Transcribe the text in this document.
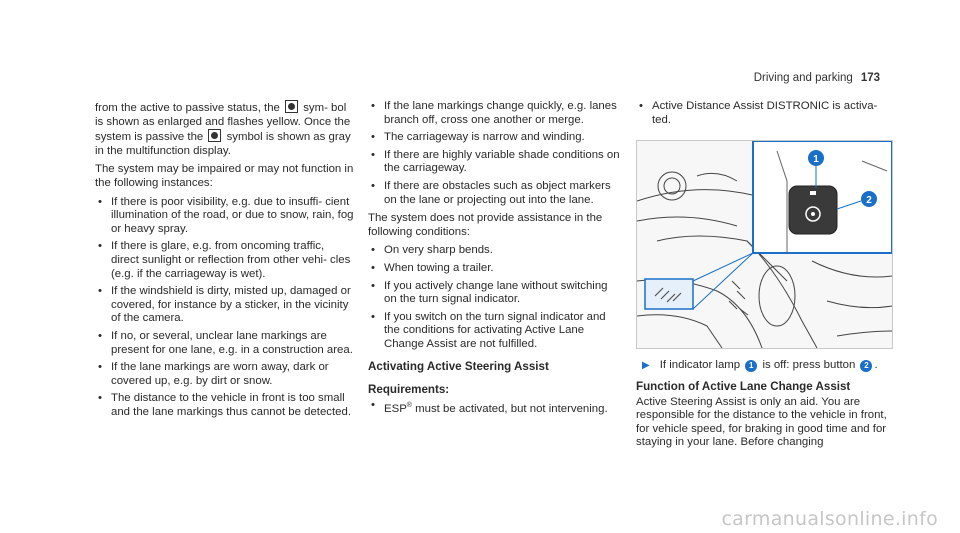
Driving and parking 173

from the active to passive status, the  sym- bol is shown as enlarged and flashes yellow. Once the system is passive the  symbol is shown as gray in the multifunction display.

The system may be impaired or may not function in the following instances:

• If there is poor visibility, e.g. due to insuffi- cient illumination of the road, or due to snow, rain, fog or heavy spray.
• If there is glare, e.g. from oncoming traffic, direct sunlight or reflection from other vehi- cles (e.g. if the carriageway is wet).
• If the windshield is dirty, misted up, damaged or covered, for instance by a sticker, in the vicinity of the camera.
• If no, or several, unclear lane markings are present for one lane, e.g. in a construction area.
• If the lane markings are worn away, dark or covered up, e.g. by dirt or snow.
• The distance to the vehicle in front is too small and the lane markings thus cannot be detected.
• If the lane markings change quickly, e.g. lanes branch off, cross one another or merge.
• The carriageway is narrow and winding.
• If there are highly variable shade conditions on the carriageway.
• If there are obstacles such as object markers on the lane or projecting out into the lane.

The system does not provide assistance in the following conditions:

• On very sharp bends.
• When towing a trailer.
• If you actively change lane without switching on the turn signal indicator.
• If you switch on the turn signal indicator and the conditions for activating Active Lane Change Assist are not fulfilled.
Activating Active Steering Assist
Requirements:
• ESP® must be activated, but not intervening.
• Active Distance Assist DISTRONIC is activa- ted.
1
2
▶ If indicator lamp 1 is off: press button 2 .
Function of Active Lane Change Assist

Active Steering Assist is only an aid. You are responsible for the distance to the vehicle in front, for vehicle speed, for braking in good time and for staying in your lane. Before changing

carmanualsonline.info
